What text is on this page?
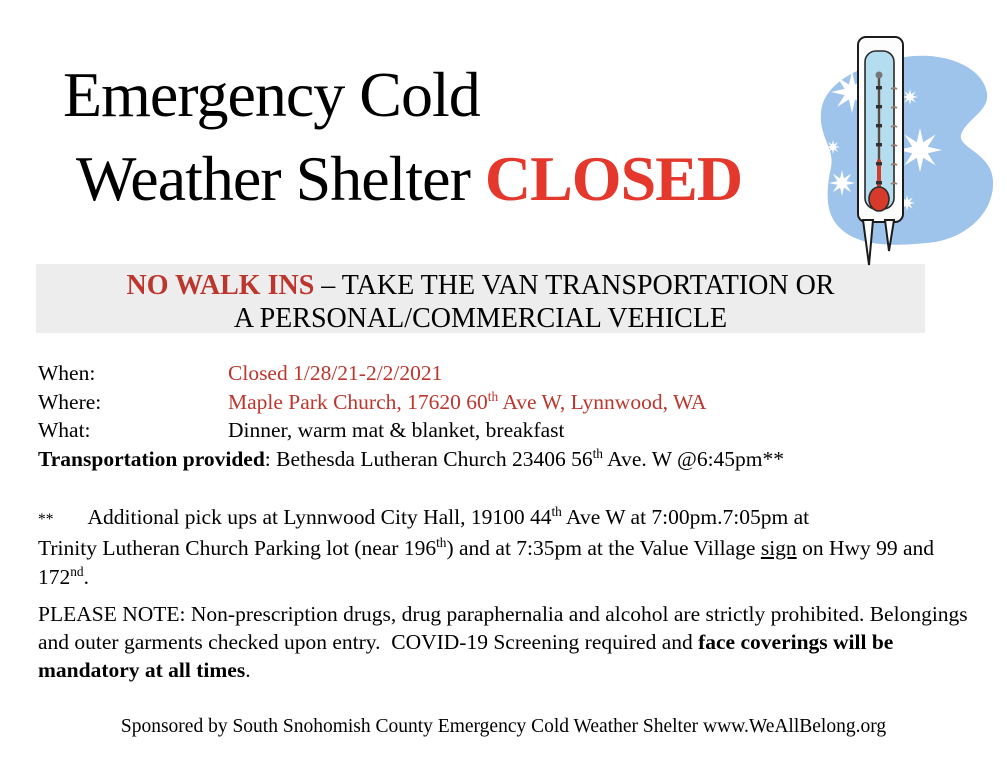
Emergency Cold
Weather Shelter CLOSED
NO WALK INS – TAKE THE VAN TRANSPORTATION OR
A PERSONAL/COMMERCIAL VEHICLE
When:	Closed 1/28/21-2/2/2021
Where:	Maple Park Church, 17620 60th Ave W, Lynnwood, WA
What:	Dinner, warm mat & blanket, breakfast
Transportation provided: Bethesda Lutheran Church 23406 56th Ave. W @6:45pm**
** Additional pick ups at Lynnwood City Hall, 19100 44th Ave W at 7:00pm.7:05pm at
Trinity Lutheran Church Parking lot (near 196th) and at 7:35pm at the Value Village sign on Hwy 99 and
172nd.
PLEASE NOTE: Non-prescription drugs, drug paraphernalia and alcohol are strictly prohibited. Belongings
and outer garments checked upon entry.  COVID-19 Screening required and face coverings will be
mandatory at all times.
Sponsored by South Snohomish County Emergency Cold Weather Shelter www.WeAllBelong.org
